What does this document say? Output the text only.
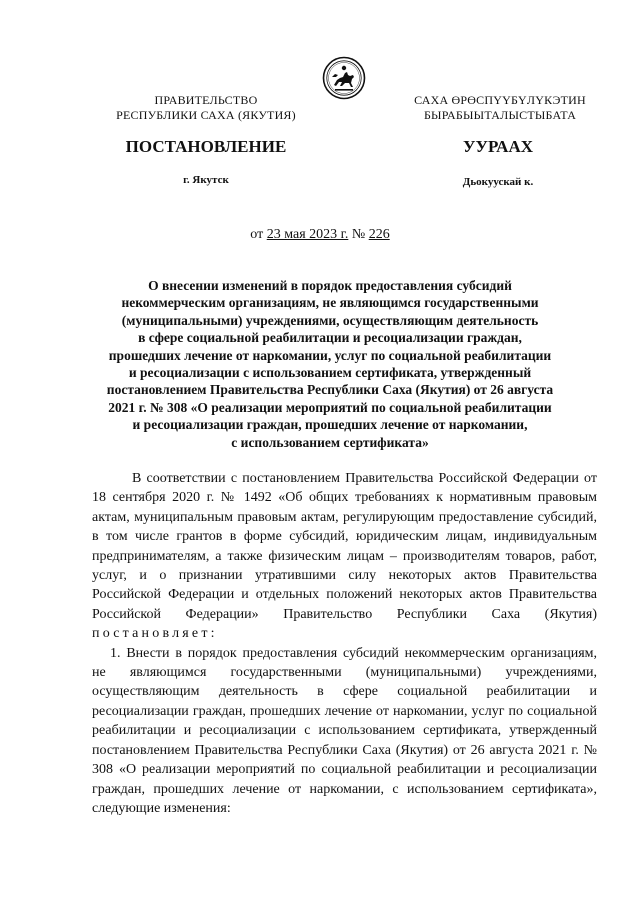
ПРАВИТЕЛЬСТВО
РЕСПУБЛИКИ САХА (ЯКУТИЯ)
САХА ӨРӨСПҮҮБҮЛҮКЭТИН
БЫРАБЫЫТАЛЫСТЫБАТА
ПОСТАНОВЛЕНИЕ	УУРААХ
г. Якутск	Дьокуускай к.
от 23 мая 2023 г. № 226
О внесении изменений в порядок предоставления субсидий
некоммерческим организациям, не являющимся государственными
(муниципальными) учреждениями, осуществляющим деятельность
в сфере социальной реабилитации и ресоциализации граждан,
прошедших лечение от наркомании, услуг по социальной реабилитации
и ресоциализации с использованием сертификата, утвержденный
постановлением Правительства Республики Саха (Якутия) от 26 августа
2021 г. № 308 «О реализации мероприятий по социальной реабилитации
и ресоциализации граждан, прошедших лечение от наркомании,
с использованием сертификата»

В соответствии с постановлением Правительства Российской Федерации от 18 сентября 2020 г. № 1492 «Об общих требованиях к нормативным правовым актам, муниципальным правовым актам, регулирующим предоставление субсидий, в том числе грантов в форме субсидий, юридическим лицам, индивидуальным предпринимателям, а также физическим лицам – производителям товаров, работ, услуг, и о признании утратившими силу некоторых актов Правительства Российской Федерации и отдельных положений некоторых актов Правительства Российской Федерации» Правительство Республики Саха (Якутия) постановляет:

1. Внести в порядок предоставления субсидий некоммерческим организациям, не являющимся государственными (муниципальными) учреждениями, осуществляющим деятельность в сфере социальной реабилитации и ресоциализации граждан, прошедших лечение от наркомании, услуг по социальной реабилитации и ресоциализации с использованием сертификата, утвержденный постановлением Правительства Республики Саха (Якутия) от 26 августа 2021 г. № 308 «О реализации мероприятий по социальной реабилитации и ресоциализации граждан, прошедших лечение от наркомании, с использованием сертификата», следующие изменения:
